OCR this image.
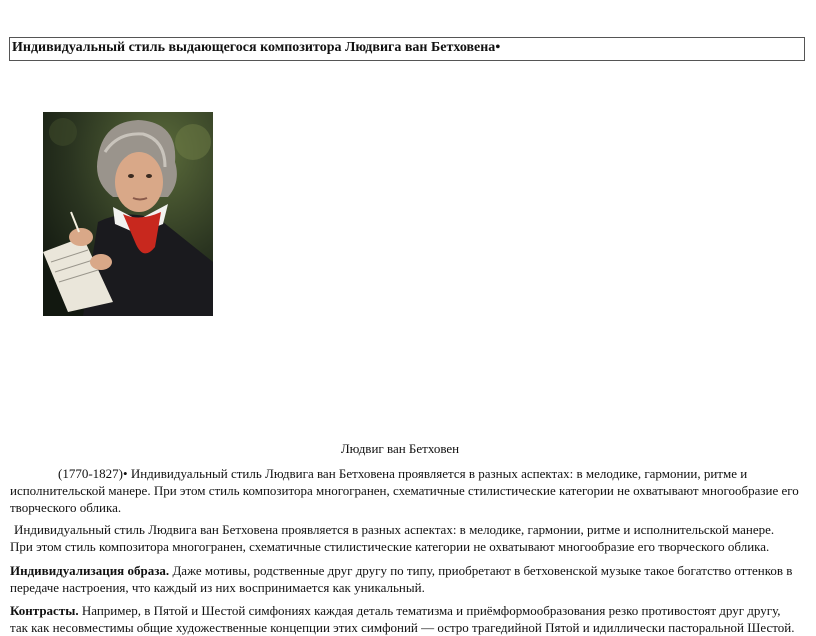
Индивидуальный стиль выдающегося композитора Людвига ван Бетховена•
Людвиг ван Бетховен

(1770-1827)• Индивидуальный стиль Людвига ван Бетховена проявляется в разных аспектах: в мелодике, гармонии, ритме и исполнительской манере. При этом стиль композитора многогранен, схематичные стилистические категории не охватывают многообразие его творческого облика.

Индивидуальный стиль Людвига ван Бетховена проявляется в разных аспектах: в мелодике, гармонии, ритме и исполнительской манере. При этом стиль композитора многогранен, схематичные стилистические категории не охватывают многообразие его творческого облика.

Индивидуализация образа. Даже мотивы, родственные друг другу по типу, приобретают в бетховенской музыке такое богатство оттенков в передаче настроения, что каждый из них воспринимается как уникальный.

Контрасты. Например, в Пятой и Шестой симфониях каждая деталь тематизма и приёмформообразования резко противостоят друг другу, так как несовместимы общие художественные концепции этих симфоний — остро трагедийной Пятой и идиллически пасторальной Шестой.
